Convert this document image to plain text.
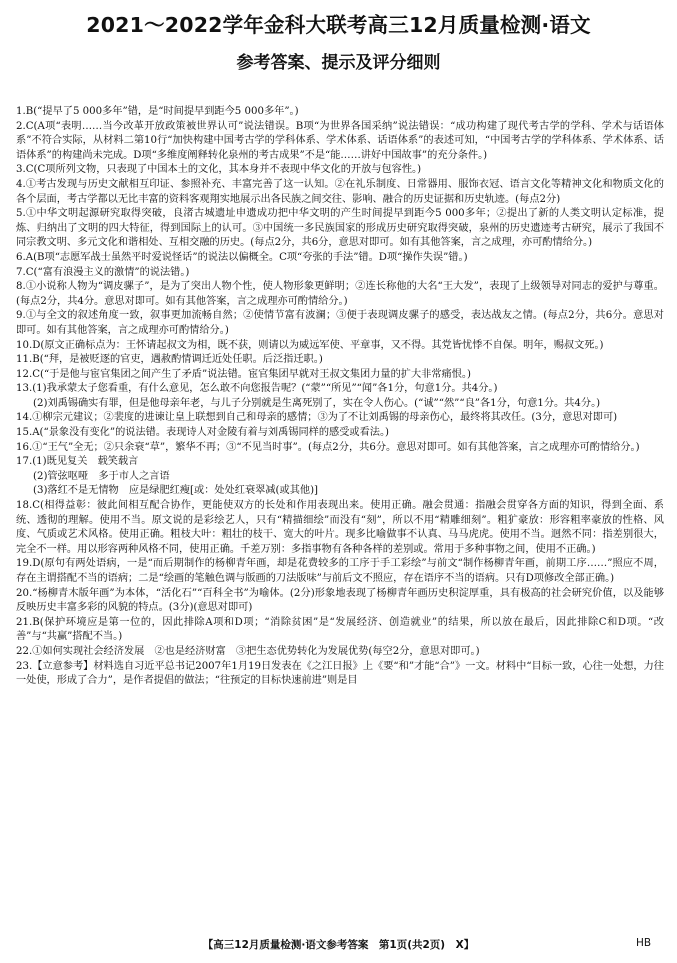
2021～2022学年金科大联考高三12月质量检测·语文
参考答案、提示及评分细则

1.B(“提早了5 000多年”错，是“时间提早到距今5 000多年”。)

2.C(A项“表明……当今改革开放政策被世界认可”说法错误。B项“为世界各国采纳”说法错误：“成功构建了现代考古学的学科、学术与话语体系”不符合实际，从材料二第10行“加快构建中国考古学的学科体系、学术体系、话语体系”的表述可知，“中国考古学的学科体系、学术体系、话语体系”的构建尚未完成。D项“多维度阐释转化泉州的考古成果”不是“能……讲好中国故事”的充分条件。)

3.C(C项所列文物，只表现了中国本土的文化，其本身并不表现中华文化的开放与包容性。)

4.①考古发现与历史文献相互印证、参照补充、丰富完善了这一认知。②在礼乐制度、日常器用、服饰衣冠、语言文化等精神文化和物质文化的各个层面，考古学都以无比丰富的资料客观翔实地展示出各民族之间交往、影响、融合的历史证据和历史轨迹。(每点2分)

5.①中华文明起源研究取得突破，良渚古城遗址申遗成功把中华文明的产生时间提早到距今5 000多年；②提出了新的人类文明认定标准，提炼、归纳出了文明的四大特征，得到国际上的认可。③中国统一多民族国家的形成历史研究取得突破，泉州的历史遗迹考古研究，展示了我国不同宗教文明、多元文化和谐相处、互相交融的历史。(每点2分，共6分，意思对即可。如有其他答案，言之成理，亦可酌情给分。)

6.A(B项“志愿军战士虽然平时爱说怪话”的说法以偏概全。C项“夸张的手法”错。D项“操作失误”错。)

7.C(“富有浪漫主义的激情”的说法错。)

8.①小说称人物为“调皮骡子”，是为了突出人物个性，使人物形象更鲜明；②连长称他的大名“王大发”，表现了上级领导对同志的爱护与尊重。(每点2分，共4分。意思对即可。如有其他答案，言之成理亦可酌情给分。)

9.①与全文的叙述角度一致，叙事更加流畅自然；②使情节富有波澜；③便于表现调皮骡子的感受，表达战友之情。(每点2分，共6分。意思对即可。如有其他答案，言之成理亦可酌情给分。)

10.D(原文正确标点为：王怀请起叔文为相，既不获，则请以为威远军使、平章事，又不得。其党皆忧悸不自保。明年，赐叔文死。)

11.B(“拜，是被贬逐的官吏，遇赦酌情调迁近处任职。后泛指迁职。)

12.C(“于是他与宦官集团之间产生了矛盾”说法错。宦官集团早就对王叔文集团力量的扩大非常痛恨。)

13.(1)我承蒙太子您看重，有什么意见，怎么敢不向您报告呢？(“蒙”“所见”“闻”各1分，句意1分。共4分。)

(2)刘禹锡确实有罪，但是他母亲年老，与儿子分别就是生离死别了，实在令人伤心。(“诚”“然”“良”各1分，句意1分。共4分。)

14.①柳宗元建议；②裴度的进谏让皇上联想到自己和母亲的感情；③为了不让刘禹锡的母亲伤心，最终将其改任。(3分，意思对即可)

15.A(“景象没有变化”的说法错。表现诗人对金陵有着与刘禹锡同样的感受或看法。)

16.①“王气”全无；②只余衰“草”，繁华不再；③“不见当时事”。(每点2分，共6分。意思对即可。如有其他答案，言之成理亦可酌情给分。)

17.(1)既见复关　载笑载言

(2)管弦呕哑　多于市人之言语

(3)落红不是无情物　应是绿肥红瘦[或：处处红衰翠减(或其他)]

18.C(相得益彰：彼此间相互配合协作，更能使双方的长处和作用表现出来。使用正确。融会贯通：指融会贯穿各方面的知识，得到全面、系统、透彻的理解。使用不当。原文说的是彩绘艺人，只有“精描细绘”而没有“刻”，所以不用“精雕细刻”。粗犷豪放：形容粗率豪放的性格、风度、气质或艺术风格。使用正确。粗枝大叶：粗壮的枝干、宽大的叶片。现多比喻做事不认真、马马虎虎。使用不当。迥然不同：指差别很大，完全不一样。用以形容两种风格不同，使用正确。千差万别：多指事物有各种各样的差别或。常用于多种事物之间，使用不正确。)

19.D(原句有两处语病，一是“而后期制作的杨柳青年画，却是花费较多的工序于手工彩绘”与前文“制作杨柳青年画，前期工序……”照应不周，存在主谓搭配不当的语病；二是“绘画的笔触色调与版画的刀法版味”与前后文不照应，存在语序不当的语病。只有D项修改全部正确。)

20.“杨柳青木版年画”为本体，“活化石”“百科全书”为喻体。(2分)形象地表现了杨柳青年画历史积淀厚重，具有极高的社会研究价值，以及能够反映历史丰富多彩的风貌的特点。(3分)(意思对即可)

21.B(保护环境应是第一位的，因此排除A项和D项；“消除贫困”是“发展经济、创造就业”的结果，所以放在最后，因此排除C和D项。“改善”与“共赢”搭配不当。)

22.①如何实现社会经济发展　②也是经济财富　③把生态优势转化为发展优势(每空2分，意思对即可。)

23.【立意参考】材料选自习近平总书记2007年1月19日发表在《之江日报》上《要“和”才能“合”》一文。材料中“目标一致，心往一处想，力往一处使，形成了合力”，是作者提倡的做法；“往预定的目标快速前进”则是目

【高三12月质量检测·语文参考答案　第1页(共2页)　X】	HB
